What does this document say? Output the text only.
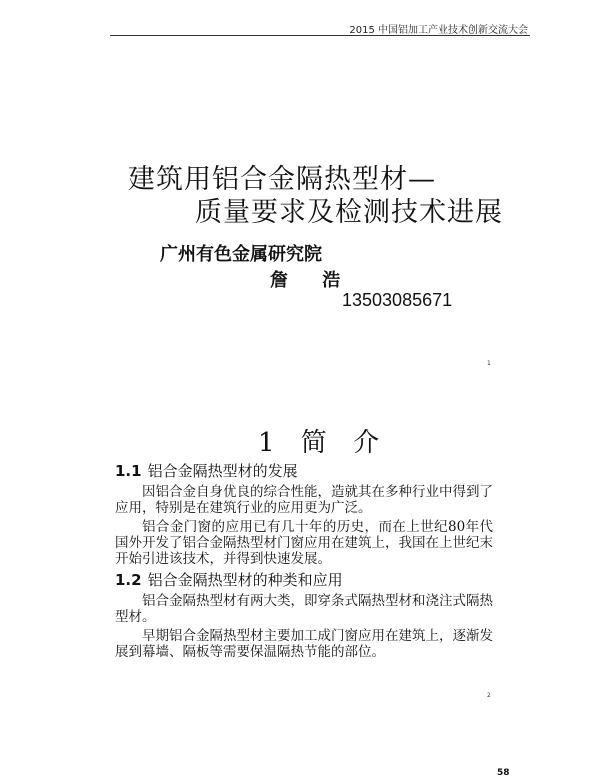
2015 中国铝加工产业技术创新交流大会
建筑用铝合金隔热型材—
质量要求及检测技术进展
广州有色金属研究院
詹 浩
13503085671
1
1 简 介
1.1 铝合金隔热型材的发展

因铝合金自身优良的综合性能，造就其在多种行业中得到了应用，特别是在建筑行业的应用更为广泛。

铝合金门窗的应用已有几十年的历史，而在上世纪80年代国外开发了铝合金隔热型材门窗应用在建筑上，我国在上世纪末开始引进该技术，并得到快速发展。

1.2 铝合金隔热型材的种类和应用

铝合金隔热型材有两大类，即穿条式隔热型材和浇注式隔热型材。

早期铝合金隔热型材主要加工成门窗应用在建筑上，逐渐发展到幕墙、隔板等需要保温隔热节能的部位。

2
58
